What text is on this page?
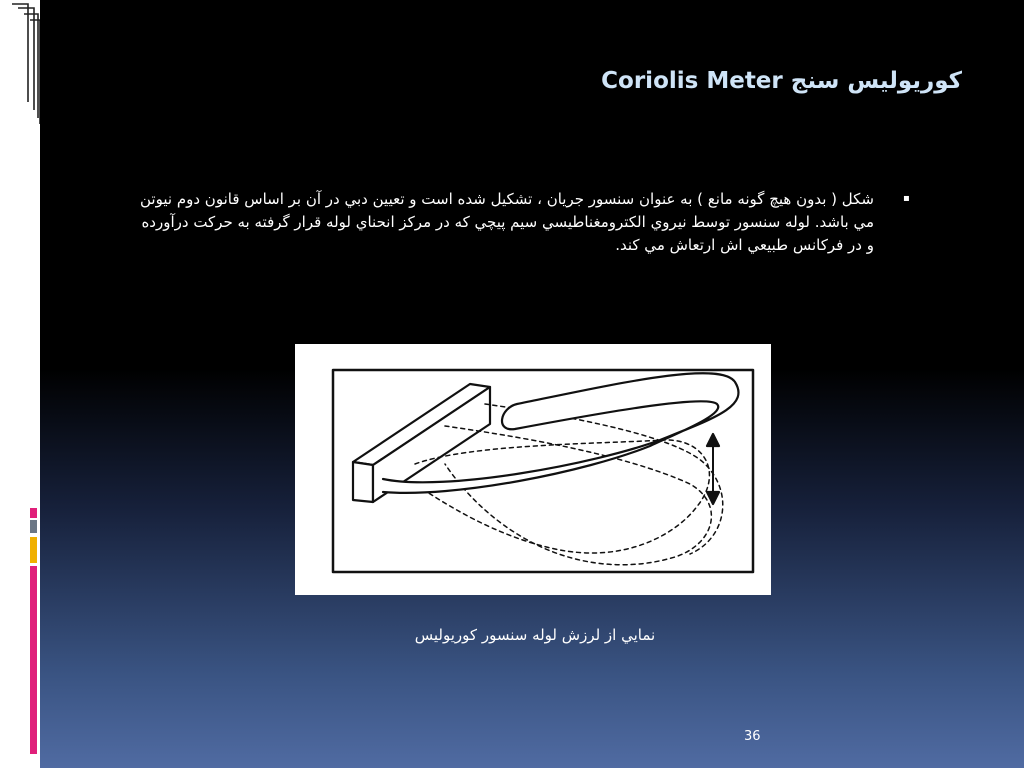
كوريوليس سنج Coriolis Meter
▪
شكل ( بدون هيچ گونه مانع ) به عنوان سنسور جريان ، تشكيل شده است و تعيين دبي در آن بر اساس قانون دوم نيوتن مي باشد. لوله سنسور توسط نيروي الكترومغناطيسي سيم پيچي كه در مركز انحناي لوله قرار گرفته به حركت درآورده و در فركانس طبيعي اش ارتعاش مي كند.
نمايي از لرزش لوله سنسور كوريوليس
36
